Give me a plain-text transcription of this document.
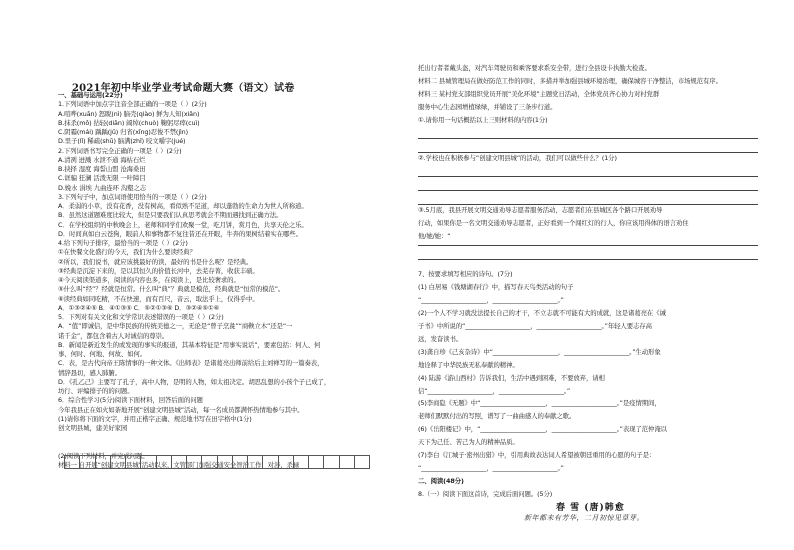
2021年初中毕业学业考试命题大赛（语文）试卷
一、基础与运用(22分)
1.下列词语中加点字注音全部正确的一项是（ ）(2分)
A.喧哗(xuān) 怒睨(nì) 脑壳(qiào) 鲜为人知(xiǎn)
B.抹杀(mǒ) 拈轻(diān) 阔绰(chuò) 鞠躬尽瘁(cuì)
C.阴霾(mái) 踽踽(jǔ) 归省(xǐng)忍俊不禁(jìn)
D.里子(lǐ) 稀疏(shū) 脑满(zhǐ) 咬文嚼字(jué)
2.下列词语书写完全正确的一项是（ ）(2分)
A.清冽 迸溅 水泄不通 海枯石烂
B.抉择 湿度 海誓山盟 沧海桑田
C.诓骗 狂澜 活泼无限 一叶障目
D.娩水 涓埃 九曲连环 沟壑之志
3.下列句子中，加点词语使用恰当的一项是（ ）(2分)
A．柔弱的小草，没有花香，没有树高，看似熟不足道，却以蓬勃的生命力为世人所称道。
B．虽然这道题难度比较大，但是只要我们认真思考就会不期而遇找到正确方法。
C．在学校组织的中秋晚会上，老师和同学们欢聚一堂，吃月饼，赏月色，共享天伦之乐。
D．时间真如白云苍狗，眼前人和事物都不复往昔还在开眼，牛奔的果树结着实在哪些。
4.给下列句子排序，最恰当的一项是（ ）(2分)
①在快餐文化盛行的今天，我们为什么要读经典？
②所以，我们说书，就应该挑最好的读，最好的书是什么呢？是经典。
③经典是沉淀下来的，是以其恒久的价值长河中，去芜存菁，收获丰硕。
④今天阅读渠道多，阅读的内容也多，在阅读上，是比较奢求的。
⑤什么叫“经”？经就是恒常。什么叫“典”？典就是模范，经典就是“恒常的模范”。
⑥读经典如同吃精，不在快速，而有百尺，音云，取法乎上，仅得乎中。
A．①③②④⑤ B．④①③⑤ C．⑤②①③⑥ D．③②④⑤①⑥
5．下列对有关文化和文学常识表述错误的一项是（ ）(2分)
A．“值”即诚信，是中华民族的传统美德之一，无论是“曾子烹彘”“商鞅立木”还是“一
诺千金”，都包含着古人对诚信的尊崇。
B．新闻是新近发生的或发现的事实的报道，其基本特征是“用事实说话”，要素包括：何人、何
事、何时、何地、何故、如何。
C．表，是古代向帝王陈情事的一种文体。《出师表》是诸葛亮出师前给后主刘禅写的一篇奏表，
情辞恳切，感人肺腑。
D．《孔乙己》主要写了孔子，高中人物，是明的人物，如太祖决定。胡思乱想的小孩个子已成了，
坊行、评编排子的的问题。
6．综合性学习(5分)阅读下面材料，回答后面的问题
今年我县正在如火如荼地开展“创建文明县城”活动，每一名成员都满怀热情地参与其中。
(1)请你将下面的文字，并用正楷字正确、规范地书写在田字格中(1分)
创文明县城，建美好家园
(2)阅读下列材料，并完成问题。
材料一 自开展“创建文明县城”活动以来，文管部门加强交通安全智治工作，对涉、杀禄
托出行者者戴头盔，对汽车驾驶员和乘客要求系安全带，进行全县设卡执勤大检查。
材料二 县城管理局在做好防范工作的同时，多措并举加强县城环境治理，确保城容干净整洁，市场规范有序。
材料三 某村党支部组织党员开展“美化环境”主题党日活动，全体党员齐心协力对村党群
服务中心生态园增植绿绿，并铺设了三条步行道。
①.请你用一句话概括以上三则材料的内容(1分)
②.学校也在积极参与“创建文明县城”的活动，我们可以做些什么？(1分)
③.5月底，我县开展文明交通劝导志愿者服务活动，志愿者们在县城区各个路口开展劝导
行动，如果你是一名文明交通劝导志愿者，正好看到一个闯红灯的行人，你应该用得体的语言劝住
他/她/她：“
7、按要求填写相应的诗句。(7分)
(1) 白居易《钱塘湖春行》中，描写春天鸟类活动的句子
“_____________________，_____________________。”
(2)一个人不学习就没法提长自己的才干，不立志就不可能有大的成就，这是诸葛亮在《诫
子书》中所说的“_____________________，_____________________。”年轻人要志存高
远，发奋读书。
(3)龚自珍《己亥杂诗》中“_____________________，_____________________。”生动形象
地诠释了中华民族无私奉献的精神。
(4) 陆游《游山西村》告诉我们，生活中遇到困难，不要放弃，请相
信“_____________________，_____________________。”
(5)李商隐《无题》中“_____________________，_____________________。”是疫情期间，
老师们默默付出的写照，谱写了一曲曲感人的奉献之歌。
(6)《岳阳楼记》中，“_____________________，_____________________。”表现了范仲淹以
天下为己任、苦己为人的精神品质。
(7)李白《江城子·密州出猎》中，引用典故表达词人希望被朝廷重用的心愿的句子是：
“_____________________，_____________________。”
二、阅读(48分)
8.（一）阅读下面这首诗，完成后面问题。(5分)
春 雪 (唐)韩愈
新年都未有芳华，二月初惊见草芽。
